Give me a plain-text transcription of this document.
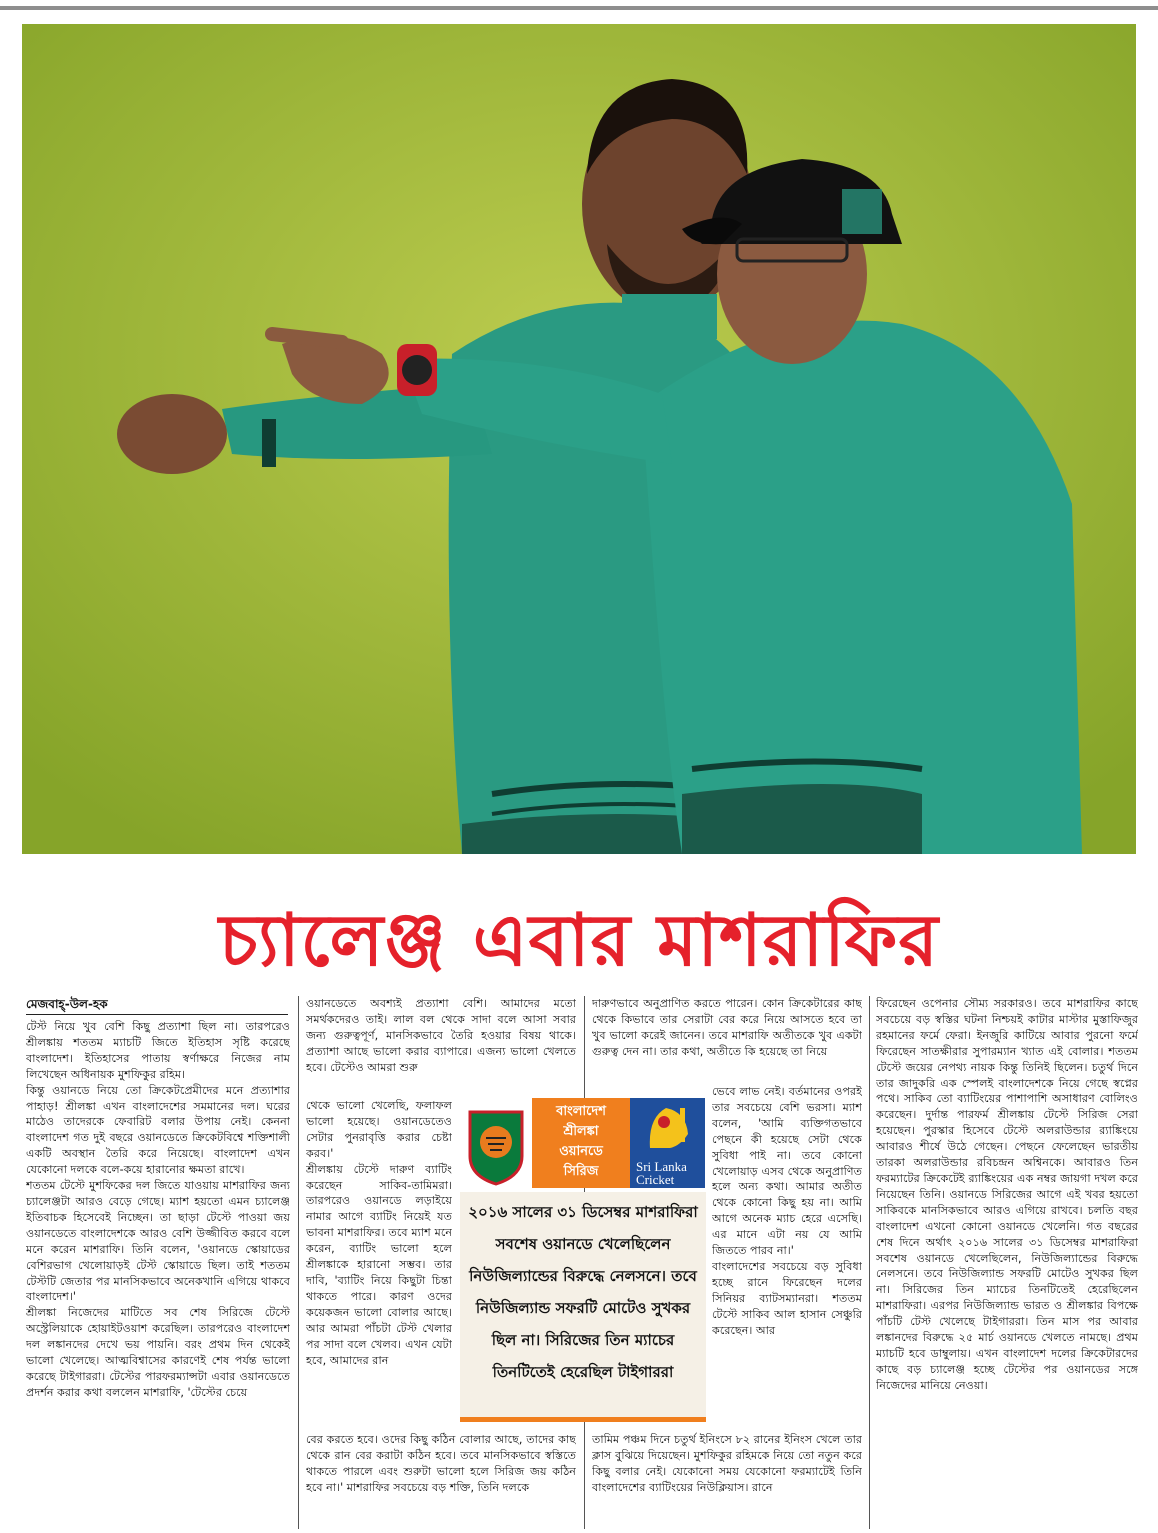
চ্যালেঞ্জ এবার মাশরাফির
মেজবাহ্-উল-হক

টেস্ট নিয়ে খুব বেশি কিছু প্রত্যাশা ছিল না। তারপরেও শ্রীলঙ্কায় শততম ম্যাচটি জিতে ইতিহাস সৃষ্টি করেছে বাংলাদেশ। ইতিহাসের পাতায় স্বর্ণাক্ষরে নিজের নাম লিখেছেন অধিনায়ক মুশফিকুর রহিম।

কিন্তু ওয়ানডে নিয়ে তো ক্রিকেটপ্রেমীদের মনে প্রত্যাশার পাহাড়! শ্রীলঙ্কা এখন বাংলাদেশের সমমানের দল। ঘরের মাঠেও তাদেরকে ফেবারিট বলার উপায় নেই। কেননা বাংলাদেশ গত দুই বছরে ওয়ানডেতে ক্রিকেটবিশ্বে শক্তিশালী একটি অবস্থান তৈরি করে নিয়েছে। বাংলাদেশ এখন যেকোনো দলকে বলে-কয়ে হারানোর ক্ষমতা রাখে।

শততম টেস্টে মুশফিকের দল জিতে যাওয়ায় মাশরাফির জন্য চ্যালেঞ্জটা আরও বেড়ে গেছে। ম্যাশ হয়তো এমন চ্যালেঞ্জ ইতিবাচক হিসেবেই নিচ্ছেন। তা ছাড়া টেস্টে পাওয়া জয় ওয়ানডেতে বাংলাদেশকে আরও বেশি উজ্জীবিত করবে বলে মনে করেন মাশরাফি। তিনি বলেন, 'ওয়ানডে স্কোয়াডের বেশিরভাগ খেলোয়াড়ই টেস্ট স্কোয়াডে ছিল। তাই শততম টেস্টটি জেতার পর মানসিকভাবে অনেকখানি এগিয়ে থাকবে বাংলাদেশ।'

শ্রীলঙ্কা নিজেদের মাটিতে সব শেষ সিরিজে টেস্টে অস্ট্রেলিয়াকে হোয়াইটওয়াশ করেছিল। তারপরেও বাংলাদেশ দল লঙ্কানদের দেখে ভয় পায়নি। বরং প্রথম দিন থেকেই ভালো খেলেছে। আত্মবিশ্বাসের কারণেই শেষ পর্যন্ত ভালো করেছে টাইগাররা। টেস্টের পারফরম্যান্সটা এবার ওয়ানডেতে প্রদর্শন করার কথা বললেন মাশরাফি, 'টেস্টের চেয়ে

ওয়ানডেতে অবশ্যই প্রত্যাশা বেশি। আমাদের মতো সমর্থকদেরও তাই। লাল বল থেকে সাদা বলে আসা সবার জন্য গুরুত্বপূর্ণ, মানসিকভাবে তৈরি হওয়ার বিষয় থাকে। প্রত্যাশা আছে ভালো করার ব্যাপারে। এজন্য ভালো খেলতে হবে। টেস্টেও আমরা শুরু
থেকে ভালো খেলেছি, ফলাফল ভালো হয়েছে। ওয়ানডেতেও সেটার পুনরাবৃত্তি করার চেষ্টা করব।'
শ্রীলঙ্কায় টেস্টে দারুণ ব্যাটিং করেছেন সাকিব-তামিমরা। তারপরেও ওয়ানডে লড়াইয়ে নামার আগে ব্যাটিং নিয়েই যত ভাবনা মাশরাফির। তবে ম্যাশ মনে করেন, ব্যাটিং ভালো হলে শ্রীলঙ্কাকে হারানো সম্ভব। তার দাবি, 'ব্যাটিং নিয়ে কিছুটা চিন্তা থাকতে পারে। কারণ ওদের কয়েকজন ভালো বোলার আছে। আর আমরা পাঁচটা টেস্ট খেলার পর সাদা বলে খেলব। এখন যেটা হবে, আমাদের রান
বের করতে হবে। ওদের কিছু কঠিন বোলার আছে, তাদের কাছ থেকে রান বের করাটা কঠিন হবে। তবে মানসিকভাবে স্বস্তিতে থাকতে পারলে এবং শুরুটা ভালো হলে সিরিজ জয় কঠিন হবে না।' মাশরাফির সবচেয়ে বড় শক্তি, তিনি দলকে
দারুণভাবে অনুপ্রাণিত করতে পারেন। কোন ক্রিকেটারের কাছ থেকে কিভাবে তার সেরাটা বের করে নিয়ে আসতে হবে তা খুব ভালো করেই জানেন। তবে মাশরাফি অতীতকে খুব একটা গুরুত্ব দেন না। তার কথা, অতীতে কি হয়েছে তা নিয়ে
ভেবে লাভ নেই। বর্তমানের ওপরই তার সবচেয়ে বেশি ভরসা। ম্যাশ বলেন, 'আমি ব্যক্তিগতভাবে পেছনে কী হয়েছে সেটা থেকে সুবিধা পাই না। তবে কোনো খেলোয়াড় এসব থেকে অনুপ্রাণিত হলে অন্য কথা। আমার অতীত থেকে কোনো কিছু হয় না। আমি আগে অনেক ম্যাচ হেরে এসেছি। এর মানে এটা নয় যে আমি জিততে পারব না।'
বাংলাদেশের সবচেয়ে বড় সুবিধা হচ্ছে রানে ফিরেছেন দলের সিনিয়র ব্যাটসম্যানরা। শততম টেস্টে সাকিব আল হাসান সেঞ্চুরি করেছেন। আর
তামিম পঞ্চম দিনে চতুর্থ ইনিংসে ৮২ রানের ইনিংস খেলে তার ক্লাস বুঝিয়ে দিয়েছেন। মুশফিকুর রহিমকে নিয়ে তো নতুন করে কিছু বলার নেই। যেকোনো সময় যেকোনো ফরম্যাটেই তিনি বাংলাদেশের ব্যাটিংয়ের নিউক্লিয়াস। রানে

ফিরেছেন ওপেনার সৌম্য সরকারও। তবে মাশরাফির কাছে সবচেয়ে বড় স্বস্তির ঘটনা নিশ্চয়ই কাটার মাস্টার মুস্তাফিজুর রহমানের ফর্মে ফেরা। ইনজুরি কাটিয়ে আবার পুরনো ফর্মে ফিরেছেন সাতক্ষীরার সুপারম্যান খ্যাত এই বোলার। শততম টেস্টে জয়ের নেপথ্য নায়ক কিন্তু তিনিই ছিলেন। চতুর্থ দিনে তার জাদুকরি এক স্পেলই বাংলাদেশকে নিয়ে গেছে স্বপ্নের পথে। সাকিব তো ব্যাটিংয়ের পাশাপাশি অসাধারণ বোলিংও করেছেন। দুর্দান্ত পারফর্ম শ্রীলঙ্কায় টেস্টে সিরিজ সেরা হয়েছেন। পুরস্কার হিসেবে টেস্টে অলরাউন্ডার র‍্যাঙ্কিংয়ে আবারও শীর্ষে উঠে গেছেন। পেছনে ফেলেছেন ভারতীয় তারকা অলরাউন্ডার রবিচন্দ্রন অশ্বিনকে। আবারও তিন ফরম্যাটের ক্রিকেটেই র‍্যাঙ্কিংয়ের এক নম্বর জায়গা দখল করে নিয়েছেন তিনি। ওয়ানডে সিরিজের আগে এই খবর হয়তো সাকিবকে মানসিকভাবে আরও এগিয়ে রাখবে। চলতি বছর বাংলাদেশ এখনো কোনো ওয়ানডে খেলেনি। গত বছরের শেষ দিনে অর্থাৎ ২০১৬ সালের ৩১ ডিসেম্বর মাশরাফিরা সবশেষ ওয়ানডে খেলেছিলেন, নিউজিল্যান্ডের বিরুদ্ধে নেলসনে। তবে নিউজিল্যান্ড সফরটি মোটেও সুখকর ছিল না। সিরিজের তিন ম্যাচের তিনটিতেই হেরেছিলেন মাশরাফিরা। এরপর নিউজিল্যান্ড ভারত ও শ্রীলঙ্কার বিপক্ষে পাঁচটি টেস্ট খেলেছে টাইগাররা। তিন মাস পর আবার লঙ্কানদের বিরুদ্ধে ২৫ মার্চ ওয়ানডে খেলতে নামছে। প্রথম ম্যাচটি হবে ডাম্বুলায়। এখন বাংলাদেশ দলের ক্রিকেটারদের কাছে বড় চ্যালেঞ্জ হচ্ছে টেস্টের পর ওয়ানডের সঙ্গে নিজেদের মানিয়ে নেওয়া।

বাংলাদেশ
শ্রীলঙ্কা
ওয়ানডে
সিরিজ	Sri Lanka Cricket
২০১৬ সালের ৩১ ডিসেম্বর মাশরাফিরা সবশেষ ওয়ানডে খেলেছিলেন নিউজিল্যান্ডের বিরুদ্ধে নেলসনে। তবে নিউজিল্যান্ড সফরটি মোটেও সুখকর ছিল না। সিরিজের তিন ম্যাচের তিনটিতেই হেরেছিল টাইগাররা
